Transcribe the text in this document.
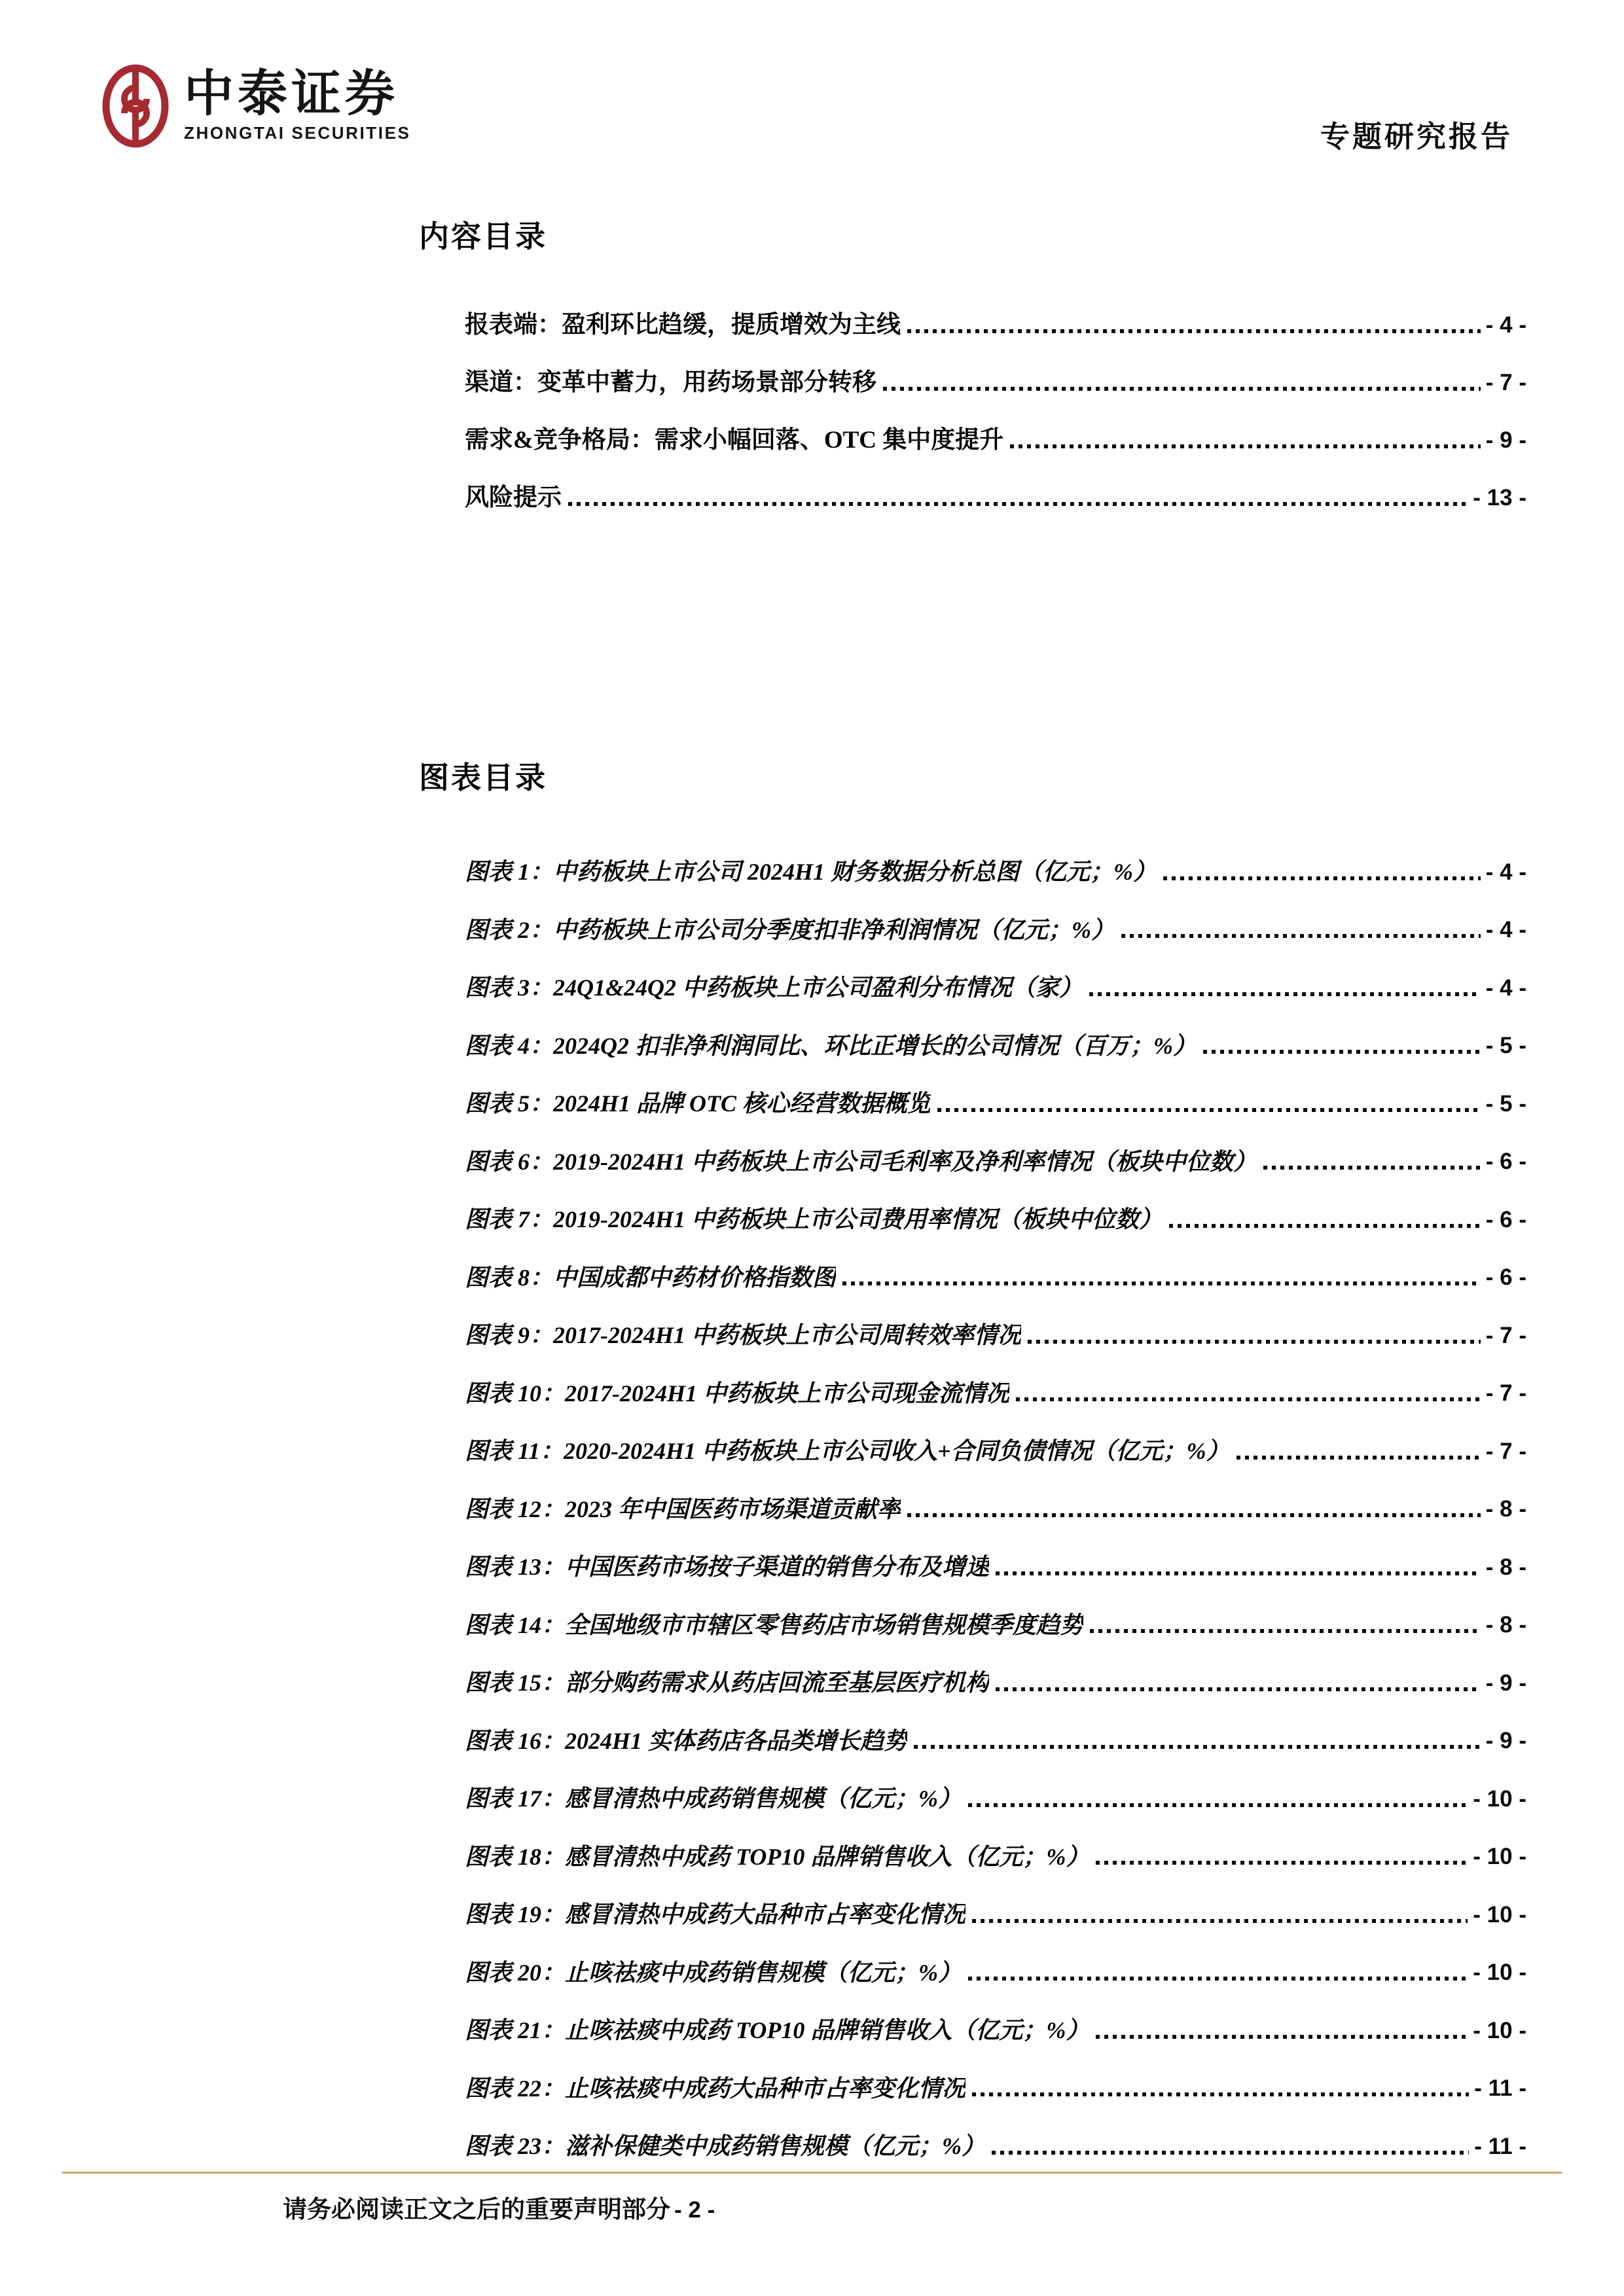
中泰证券
ZHONGTAI SECURITIES	专题研究报告
内容目录
报表端：盈利环比趋缓，提质增效为主线	- 4 -
渠道：变革中蓄力，用药场景部分转移	- 7 -
需求&竞争格局：需求小幅回落、OTC 集中度提升	- 9 -
风险提示	- 13 -
图表目录
图表 1：中药板块上市公司 2024H1 财务数据分析总图（亿元；%）	- 4 -
图表 2：中药板块上市公司分季度扣非净利润情况（亿元；%）	- 4 -
图表 3：24Q1&24Q2 中药板块上市公司盈利分布情况（家）	- 4 -
图表 4：2024Q2 扣非净利润同比、环比正增长的公司情况（百万；%）	- 5 -
图表 5：2024H1 品牌 OTC 核心经营数据概览	- 5 -
图表 6：2019-2024H1 中药板块上市公司毛利率及净利率情况（板块中位数）	- 6 -
图表 7：2019-2024H1 中药板块上市公司费用率情况（板块中位数）	- 6 -
图表 8：中国成都中药材价格指数图	- 6 -
图表 9：2017-2024H1 中药板块上市公司周转效率情况	- 7 -
图表 10：2017-2024H1 中药板块上市公司现金流情况	- 7 -
图表 11：2020-2024H1 中药板块上市公司收入+合同负债情况（亿元；%）	- 7 -
图表 12：2023 年中国医药市场渠道贡献率	- 8 -
图表 13：中国医药市场按子渠道的销售分布及增速	- 8 -
图表 14：全国地级市市辖区零售药店市场销售规模季度趋势	- 8 -
图表 15：部分购药需求从药店回流至基层医疗机构	- 9 -
图表 16：2024H1 实体药店各品类增长趋势	- 9 -
图表 17：感冒清热中成药销售规模（亿元；%）	- 10 -
图表 18：感冒清热中成药 TOP10 品牌销售收入（亿元；%）	- 10 -
图表 19：感冒清热中成药大品种市占率变化情况	- 10 -
图表 20：止咳祛痰中成药销售规模（亿元；%）	- 10 -
图表 21：止咳祛痰中成药 TOP10 品牌销售收入（亿元；%）	- 10 -
图表 22：止咳祛痰中成药大品种市占率变化情况	- 11 -
图表 23：滋补保健类中成药销售规模（亿元；%）	- 11 -
请务必阅读正文之后的重要声明部分 - 2 -
